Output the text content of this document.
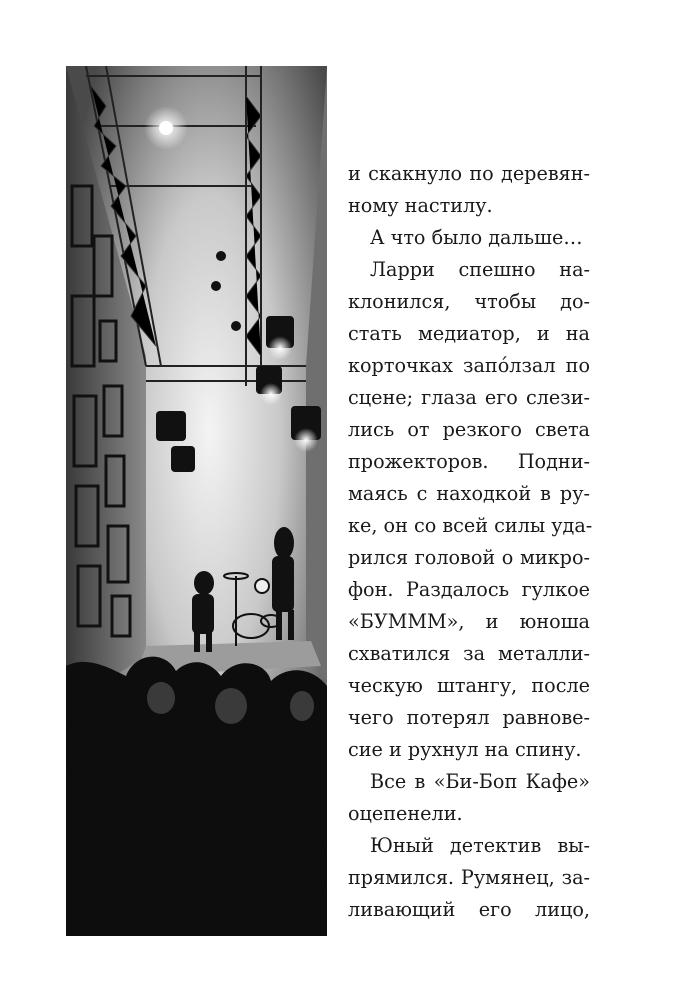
и скакнуло по деревян-
ному настилу.
А что было дальше…
Ларри спешно на-
клонился, чтобы до-
стать медиатор, и на
корточках запóлзал по
сцене; глаза его слези-
лись от резкого света
прожекторов. Подни-
маясь с находкой в ру-
ке, он со всей силы уда-
рился головой о микро-
фон. Раздалось гулкое
«БУМММ», и юноша
схватился за металли-
ческую штангу, после
чего потерял равнове-
сие и рухнул на спину.
Все в «Би-Боп Кафе»
оцепенели.
Юный детектив вы-
прямился. Румянец, за-
ливающий его лицо,
